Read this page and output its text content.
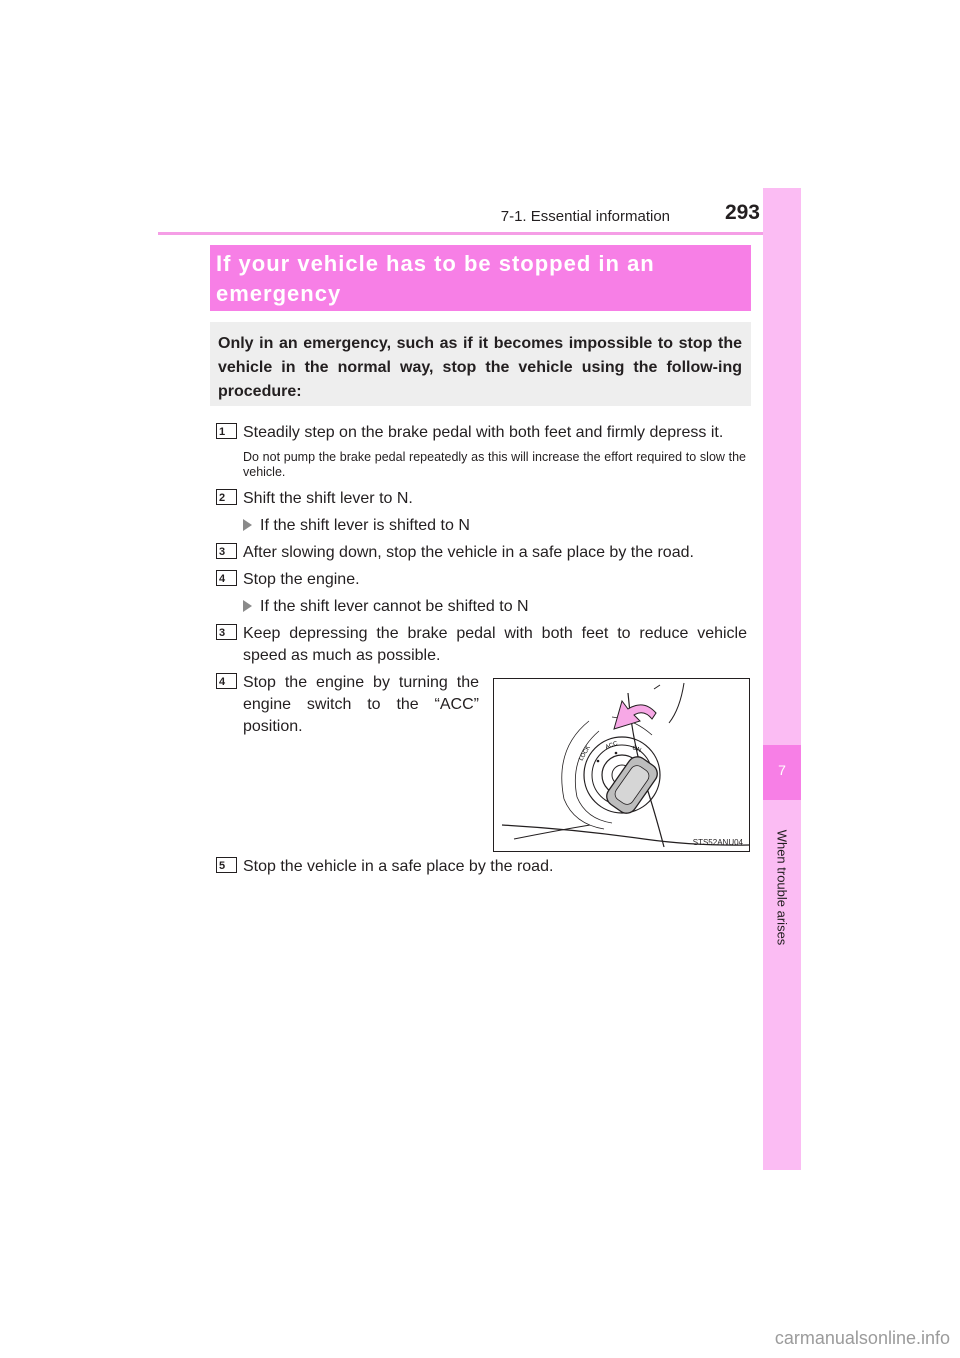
7-1. Essential information	293
7
When trouble arises
If your vehicle has to be stopped in an
emergency
Only in an emergency, such as if it becomes impossible to stop the vehicle in the normal way, stop the vehicle using the follow-ing procedure:
1	Steadily step on the brake pedal with both feet and firmly depress it.
Do not pump the brake pedal repeatedly as this will increase the effort required to slow the vehicle.
2	Shift the shift lever to N.
If the shift lever is shifted to N
3	After slowing down, stop the vehicle in a safe place by the road.
4	Stop the engine.
If the shift lever cannot be shifted to N
3	Keep depressing the brake pedal with both feet to reduce vehicle speed as much as possible.
4	Stop the engine by turning the engine switch to the “ACC” position.
LOCK ACC ON
STS52ANU04
5	Stop the vehicle in a safe place by the road.
carmanualsonline.info
